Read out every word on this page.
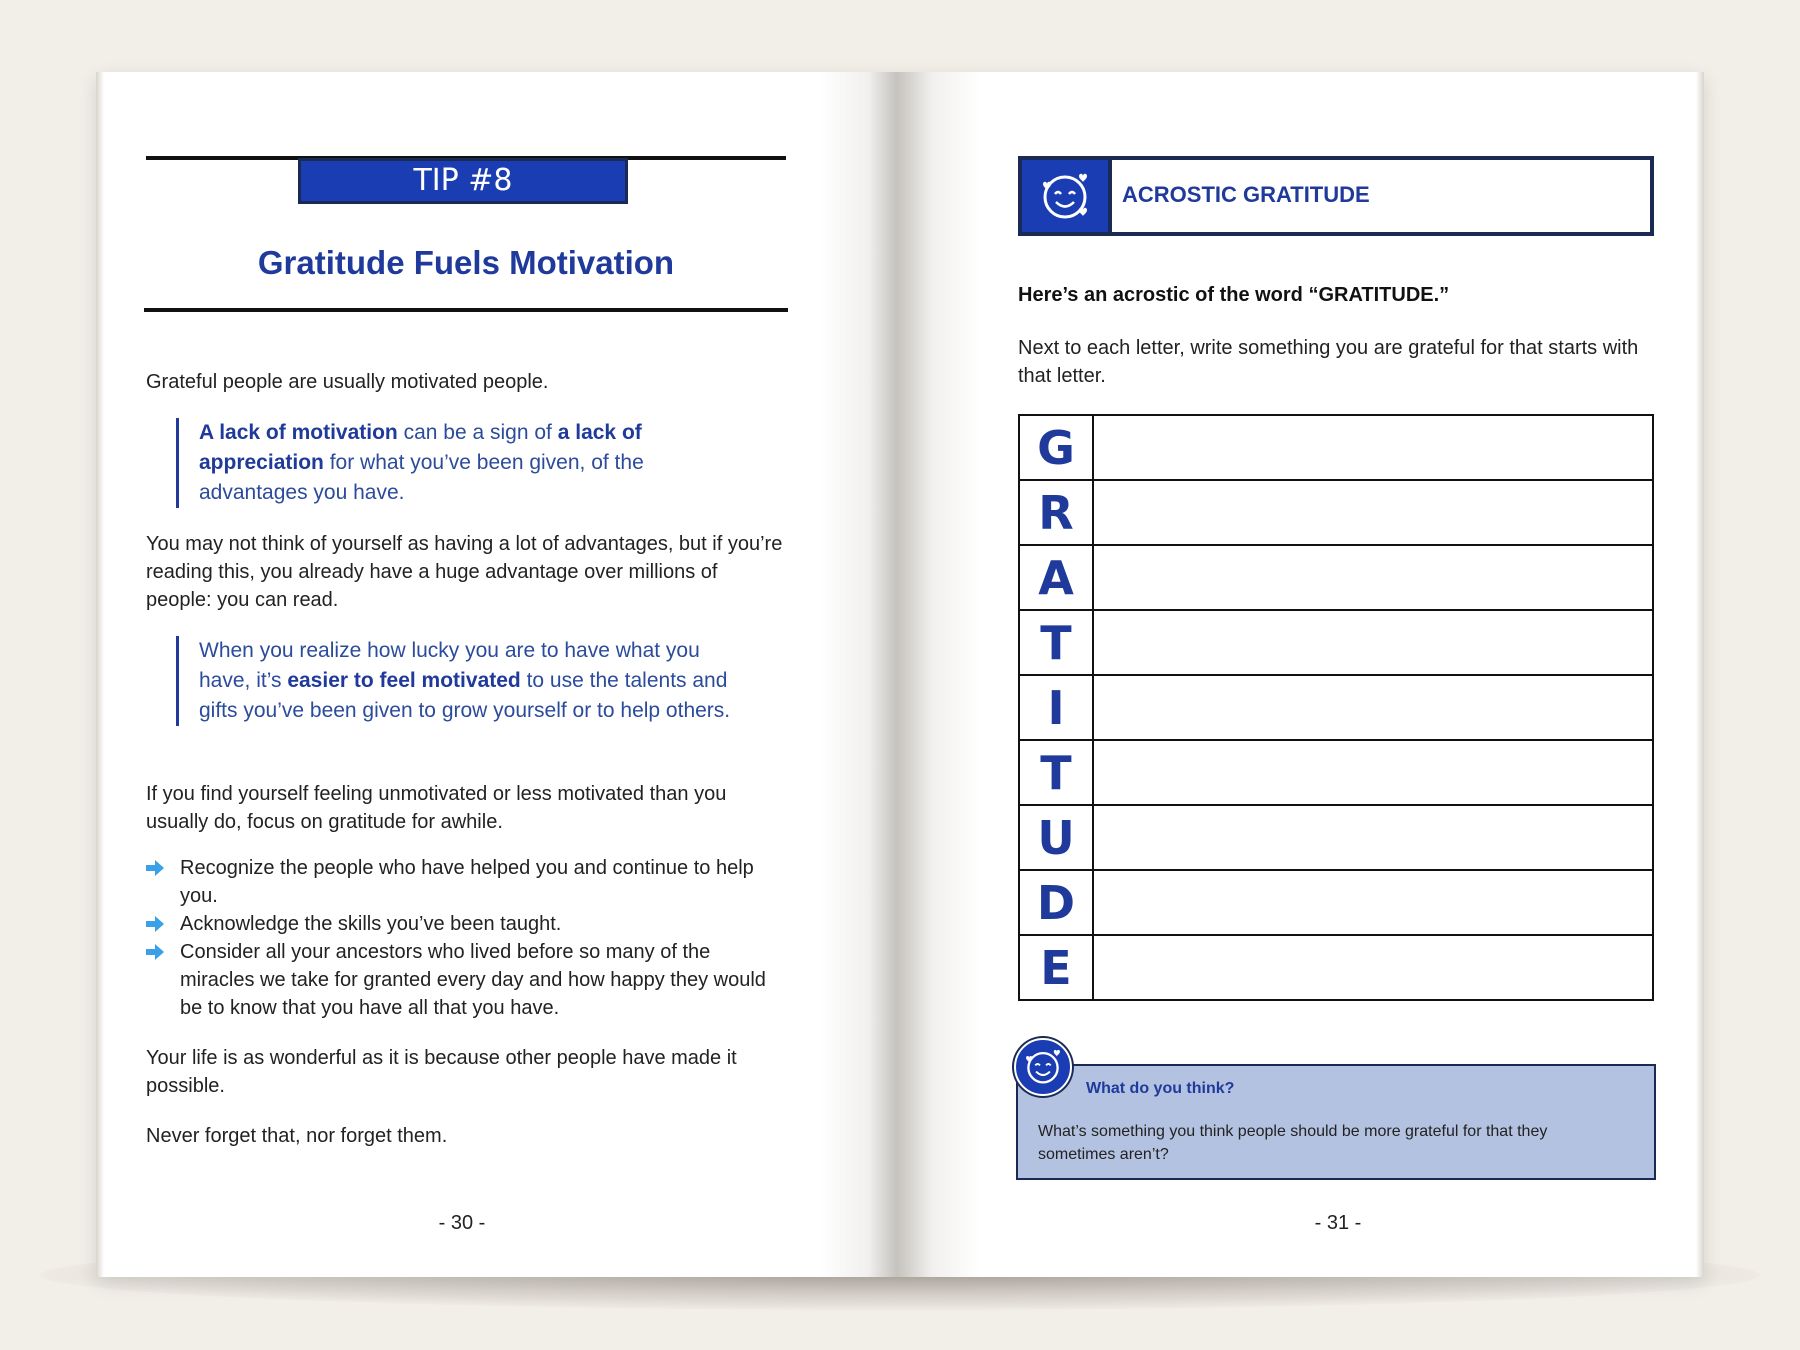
TIP #8
Gratitude Fuels Motivation
Grateful people are usually motivated people.
A lack of motivation can be a sign of a lack of appreciation for what you’ve been given, of the advantages you have.
You may not think of yourself as having a lot of advantages, but if you’re reading this, you already have a huge advantage over millions of people: you can read.
When you realize how lucky you are to have what you have, it’s easier to feel motivated to use the talents and gifts you’ve been given to grow yourself or to help others.
If you find yourself feeling unmotivated or less motivated than you usually do, focus on gratitude for awhile.
Recognize the people who have helped you and continue to help you.
Acknowledge the skills you’ve been taught.
Consider all your ancestors who lived before so many of the miracles we take for granted every day and how happy they would be to know that you have all that you have.
Your life is as wonderful as it is because other people have made it possible.
Never forget that, nor forget them.
- 30 -
ACROSTIC GRATITUDE
Here’s an acrostic of the word “GRATITUDE.”
Next to each letter, write something you are grateful for that starts with that letter.
G	
R	
A	
T	
I	
T	
U	
D	
E	
What do you think?
What’s something you think people should be more grateful for that they sometimes aren’t?
- 31 -
